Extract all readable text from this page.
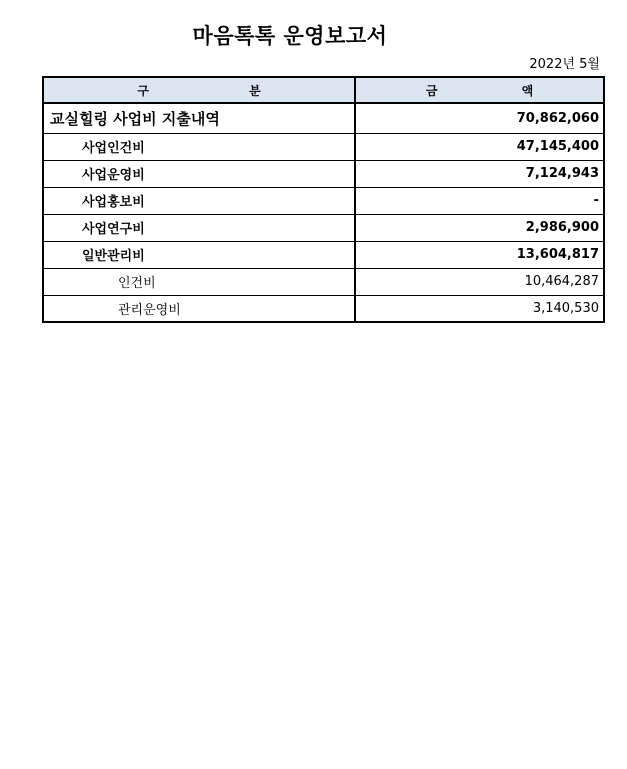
마음톡톡 운영보고서
2022년 5월
구 분	금 액
교실힐링 사업비 지출내역	70,862,060
사업인건비	47,145,400
사업운영비	7,124,943
사업홍보비	-
사업연구비	2,986,900
일반관리비	13,604,817
인건비	10,464,287
관리운영비	3,140,530
